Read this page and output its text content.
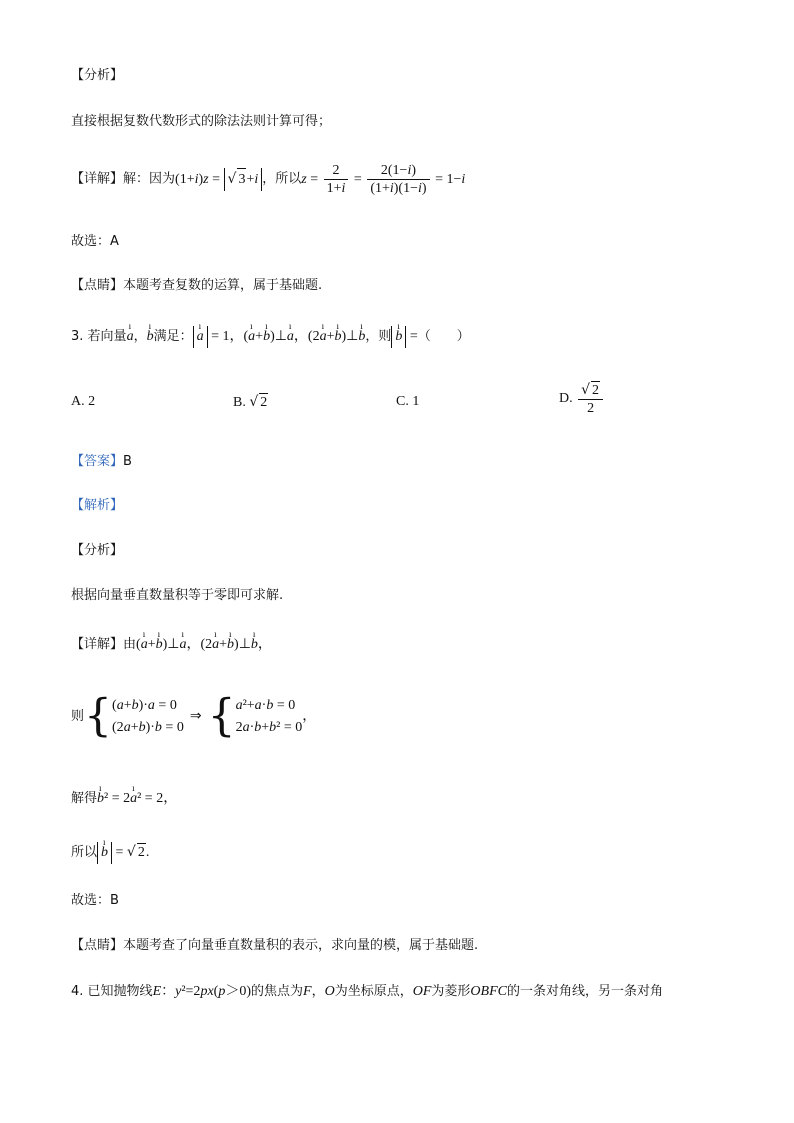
【分析】
直接根据复数代数形式的除法法则计算可得；
【详解】解：因为(1+i)z = √ 3+i ，所以$z = \frac{2}{1+i} = \frac{2(1-i)}{(1+i)(1-i)} = 1-i$
故选：A
【点睛】本题考查复数的运算，属于基础题.
3. 若向量ı a，ı b满足： ı a = 1，(ı a+ı b)⊥ı a，(2ı a+ı b)⊥ı b，则 ı b =（　　）
A. 2	B. √ 2	C. 1	D. $\frac{√ 2}{2}$
【答案】B
【解析】
【分析】
根据向量垂直数量积等于零即可求解.
【详解】由(ı a+ı b)⊥ı a，(2ı a+ı b)⊥ı b，
则{ (a+b)·a = 0
(2a+b)·b = 0
⇒ { a²+a·b = 0
2a·b+b² = 0
，
解得ı b² = 2ı a² = 2，
所以 ı b = √ 2.
故选：B
【点睛】本题考查了向量垂直数量积的表示，求向量的模，属于基础题.
4. 已知抛物线E：y²=2px(p＞0)的焦点为F，O为坐标原点，OF为菱形OBFC的一条对角线，另一条对角
